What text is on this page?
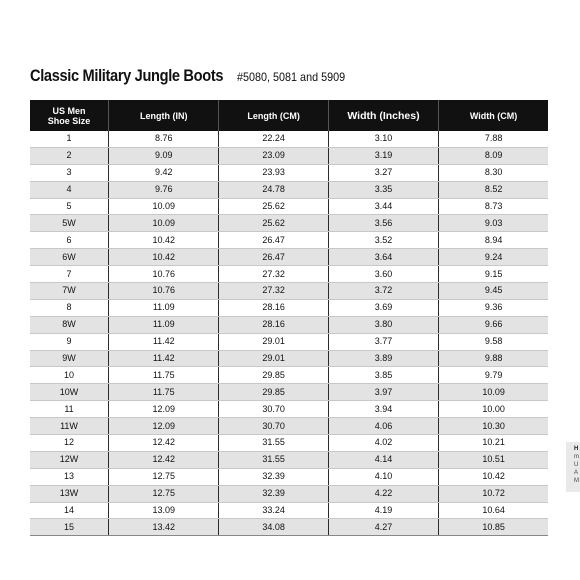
Classic Military Jungle Boots #5080, 5081 and 5909
US Men
Shoe Size	Length (IN)	Length (CM)	Width (Inches)	Width (CM)
1	8.76	22.24	3.10	7.88
2	9.09	23.09	3.19	8.09
3	9.42	23.93	3.27	8.30
4	9.76	24.78	3.35	8.52
5	10.09	25.62	3.44	8.73
5W	10.09	25.62	3.56	9.03
6	10.42	26.47	3.52	8.94
6W	10.42	26.47	3.64	9.24
7	10.76	27.32	3.60	9.15
7W	10.76	27.32	3.72	9.45
8	11.09	28.16	3.69	9.36
8W	11.09	28.16	3.80	9.66
9	11.42	29.01	3.77	9.58
9W	11.42	29.01	3.89	9.88
10	11.75	29.85	3.85	9.79
10W	11.75	29.85	3.97	10.09
11	12.09	30.70	3.94	10.00
11W	12.09	30.70	4.06	10.30
12	12.42	31.55	4.02	10.21
12W	12.42	31.55	4.14	10.51
13	12.75	32.39	4.10	10.42
13W	12.75	32.39	4.22	10.72
14	13.09	33.24	4.19	10.64
15	13.42	34.08	4.27	10.85
H
m
U
A
M
